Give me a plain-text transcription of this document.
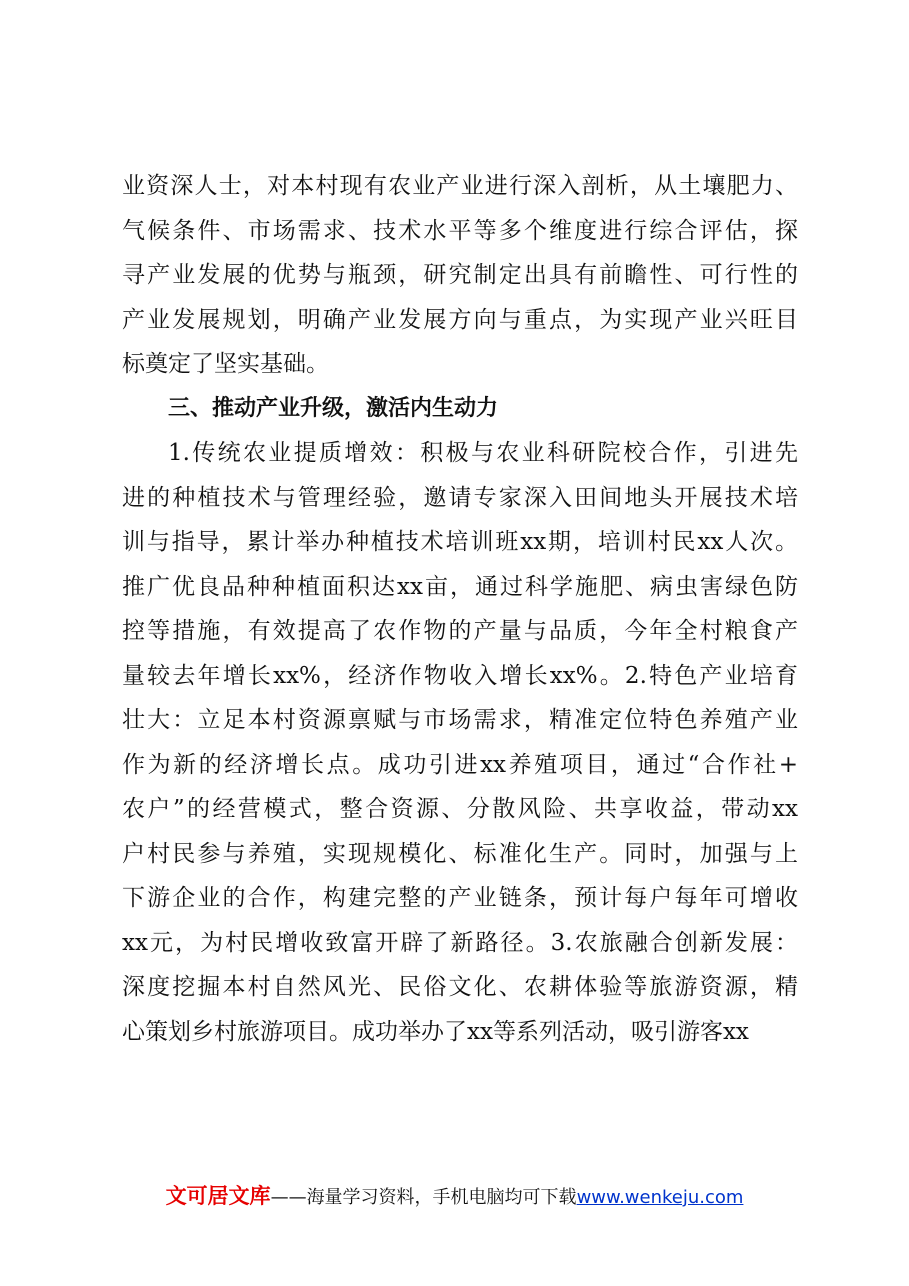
业资深人士，对本村现有农业产业进行深入剖析，从土壤肥力、
气候条件、市场需求、技术水平等多个维度进行综合评估，探
寻产业发展的优势与瓶颈，研究制定出具有前瞻性、可行性的
产业发展规划，明确产业发展方向与重点，为实现产业兴旺目
标奠定了坚实基础。
三、推动产业升级，激活内生动力
1.传统农业提质增效：积极与农业科研院校合作，引进先
进的种植技术与管理经验，邀请专家深入田间地头开展技术培
训与指导，累计举办种植技术培训班xx期，培训村民xx人次。
推广优良品种种植面积达xx亩，通过科学施肥、病虫害绿色防
控等措施，有效提高了农作物的产量与品质，今年全村粮食产
量较去年增长xx%，经济作物收入增长xx%。2.特色产业培育
壮大：立足本村资源禀赋与市场需求，精准定位特色养殖产业
作为新的经济增长点。成功引进xx养殖项目，通过“合作社+
农户”的经营模式，整合资源、分散风险、共享收益，带动xx
户村民参与养殖，实现规模化、标准化生产。同时，加强与上
下游企业的合作，构建完整的产业链条，预计每户每年可增收
xx元，为村民增收致富开辟了新路径。3.农旅融合创新发展：
深度挖掘本村自然风光、民俗文化、农耕体验等旅游资源，精
心策划乡村旅游项目。成功举办了xx等系列活动，吸引游客xx
文可居文库——海量学习资料，手机电脑均可下载www.wenkeju.com
